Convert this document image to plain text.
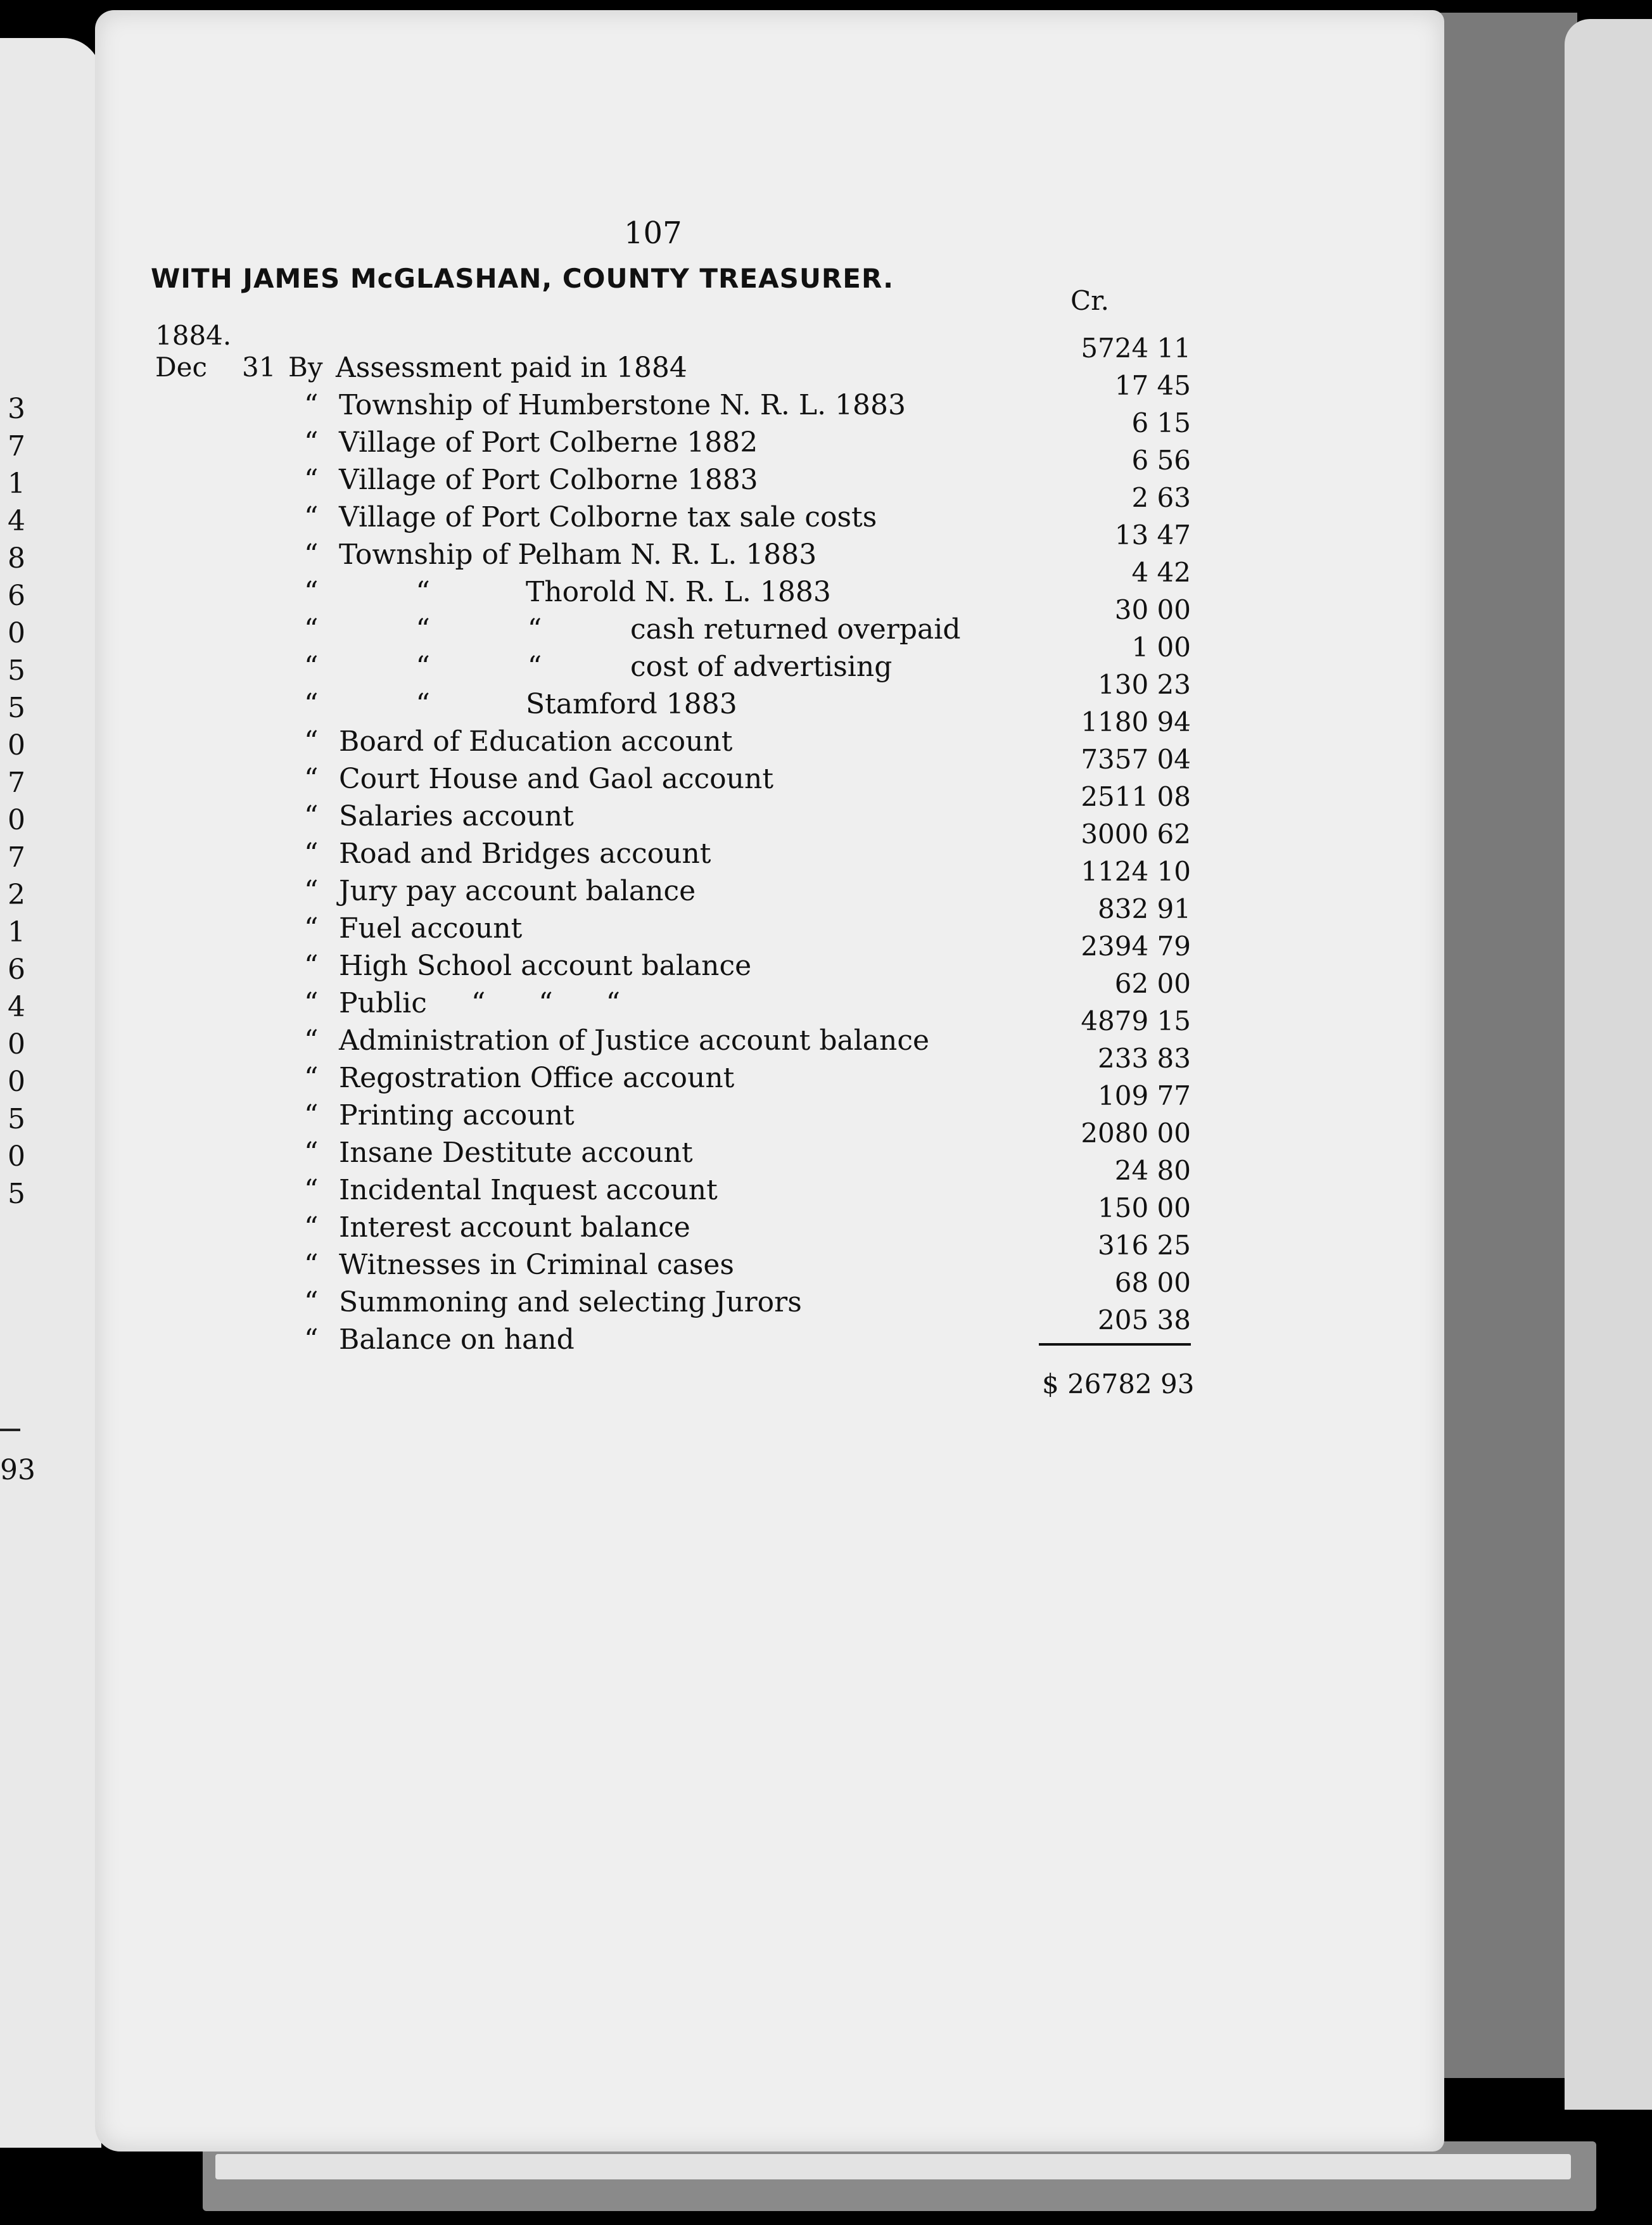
3
7
1
4
8
6
0
5
5
0
7
0
7
2
1
6
4
0
0
5
0
5
93
107
WITH JAMES McGLASHAN, COUNTY TREASURER.
Cr.
1884.
Dec 31 By Assessment paid in 1884
5724 11
“ Township of Humberstone N. R. L. 1883
17 45
“ Village of Port Colberne 1882
6 15
“ Village of Port Colborne 1883
6 56
“ Village of Port Colborne tax sale costs
2 63
“ Township of Pelham N. R. L. 1883
13 47
“           “	Thorold N. R. L. 1883
4 42
“           “           “	cash returned overpaid
30 00
“           “           “	cost of advertising
1 00
“           “	Stamford 1883
130 23
“ Board of Education account
1180 94
“ Court House and Gaol account
7357 04
“ Salaries account
2511 08
“ Road and Bridges account
3000 62
“ Jury pay account balance
1124 10
“ Fuel account
832 91
“ High School account balance
2394 79
“ Public     “      “      “
62 00
“ Administration of Justice account balance
4879 15
“ Regostration Office account
233 83
“ Printing account
109 77
“ Insane Destitute account
2080 00
“ Incidental Inquest account
24 80
“ Interest account balance
150 00
“ Witnesses in Criminal cases
316 25
“ Summoning and selecting Jurors
68 00
“ Balance on hand
205 38
$ 26782 93
